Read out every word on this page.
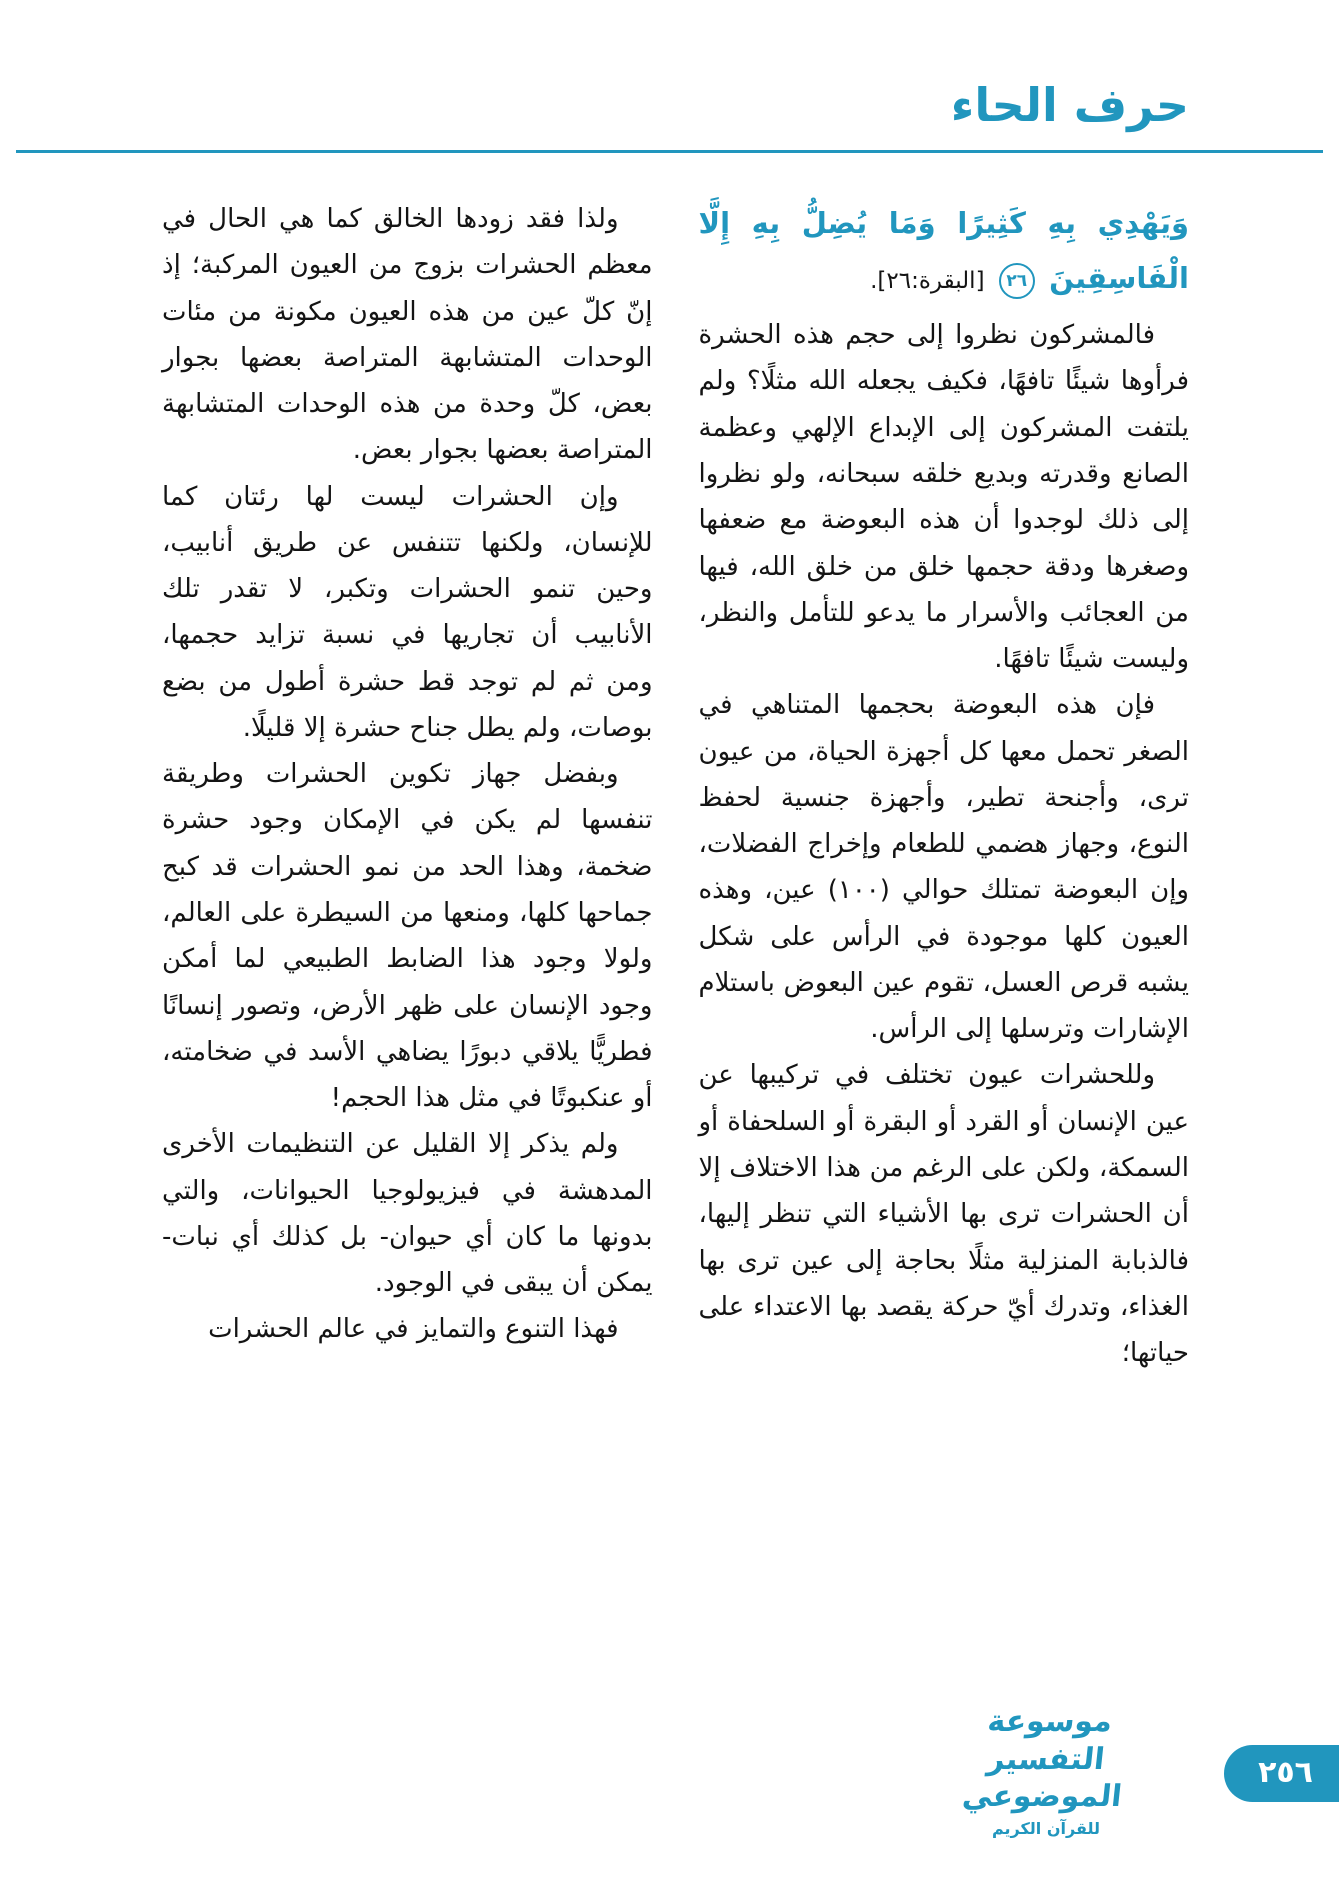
حرف الحاء
وَيَهْدِي بِهِ كَثِيرًا وَمَا يُضِلُّ بِهِ إِلَّا الْفَاسِقِينَ ٢٦ [البقرة:٢٦].

فالمشركون نظروا إلى حجم هذه الحشرة فرأوها شيئًا تافهًا، فكيف يجعله الله مثلًا؟ ولم يلتفت المشركون إلى الإبداع الإلهي وعظمة الصانع وقدرته وبديع خلقه سبحانه، ولو نظروا إلى ذلك لوجدوا أن هذه البعوضة مع ضعفها وصغرها ودقة حجمها خلق من خلق الله، فيها من العجائب والأسرار ما يدعو للتأمل والنظر، وليست شيئًا تافهًا.

فإن هذه البعوضة بحجمها المتناهي في الصغر تحمل معها كل أجهزة الحياة، من عيون ترى، وأجنحة تطير، وأجهزة جنسية لحفظ النوع، وجهاز هضمي للطعام وإخراج الفضلات، وإن البعوضة تمتلك حوالي (١٠٠) عين، وهذه العيون كلها موجودة في الرأس على شكل يشبه قرص العسل، تقوم عين البعوض باستلام الإشارات وترسلها إلى الرأس.

وللحشرات عيون تختلف في تركيبها عن عين الإنسان أو القرد أو البقرة أو السلحفاة أو السمكة، ولكن على الرغم من هذا الاختلاف إلا أن الحشرات ترى بها الأشياء التي تنظر إليها، فالذبابة المنزلية مثلًا بحاجة إلى عين ترى بها الغذاء، وتدرك أيّ حركة يقصد بها الاعتداء على حياتها؛

ولذا فقد زودها الخالق كما هي الحال في معظم الحشرات بزوج من العيون المركبة؛ إذ إنّ كلّ عين من هذه العيون مكونة من مئات الوحدات المتشابهة المتراصة بعضها بجوار بعض، كلّ وحدة من هذه الوحدات المتشابهة المتراصة بعضها بجوار بعض.

وإن الحشرات ليست لها رئتان كما للإنسان، ولكنها تتنفس عن طريق أنابيب، وحين تنمو الحشرات وتكبر، لا تقدر تلك الأنابيب أن تجاريها في نسبة تزايد حجمها، ومن ثم لم توجد قط حشرة أطول من بضع بوصات، ولم يطل جناح حشرة إلا قليلًا.

وبفضل جهاز تكوين الحشرات وطريقة تنفسها لم يكن في الإمكان وجود حشرة ضخمة، وهذا الحد من نمو الحشرات قد كبح جماحها كلها، ومنعها من السيطرة على العالم، ولولا وجود هذا الضابط الطبيعي لما أمكن وجود الإنسان على ظهر الأرض، وتصور إنسانًا فطريًّا يلاقي دبورًا يضاهي الأسد في ضخامته، أو عنكبوتًا في مثل هذا الحجم!

ولم يذكر إلا القليل عن التنظيمات الأخرى المدهشة في فيزيولوجيا الحيوانات، والتي بدونها ما كان أي حيوان- بل كذلك أي نبات- يمكن أن يبقى في الوجود.

فهذا التنوع والتمايز في عالم الحشرات

موسوعة التفسير الموضوعي
للقرآن الكريم
٢٥٦
